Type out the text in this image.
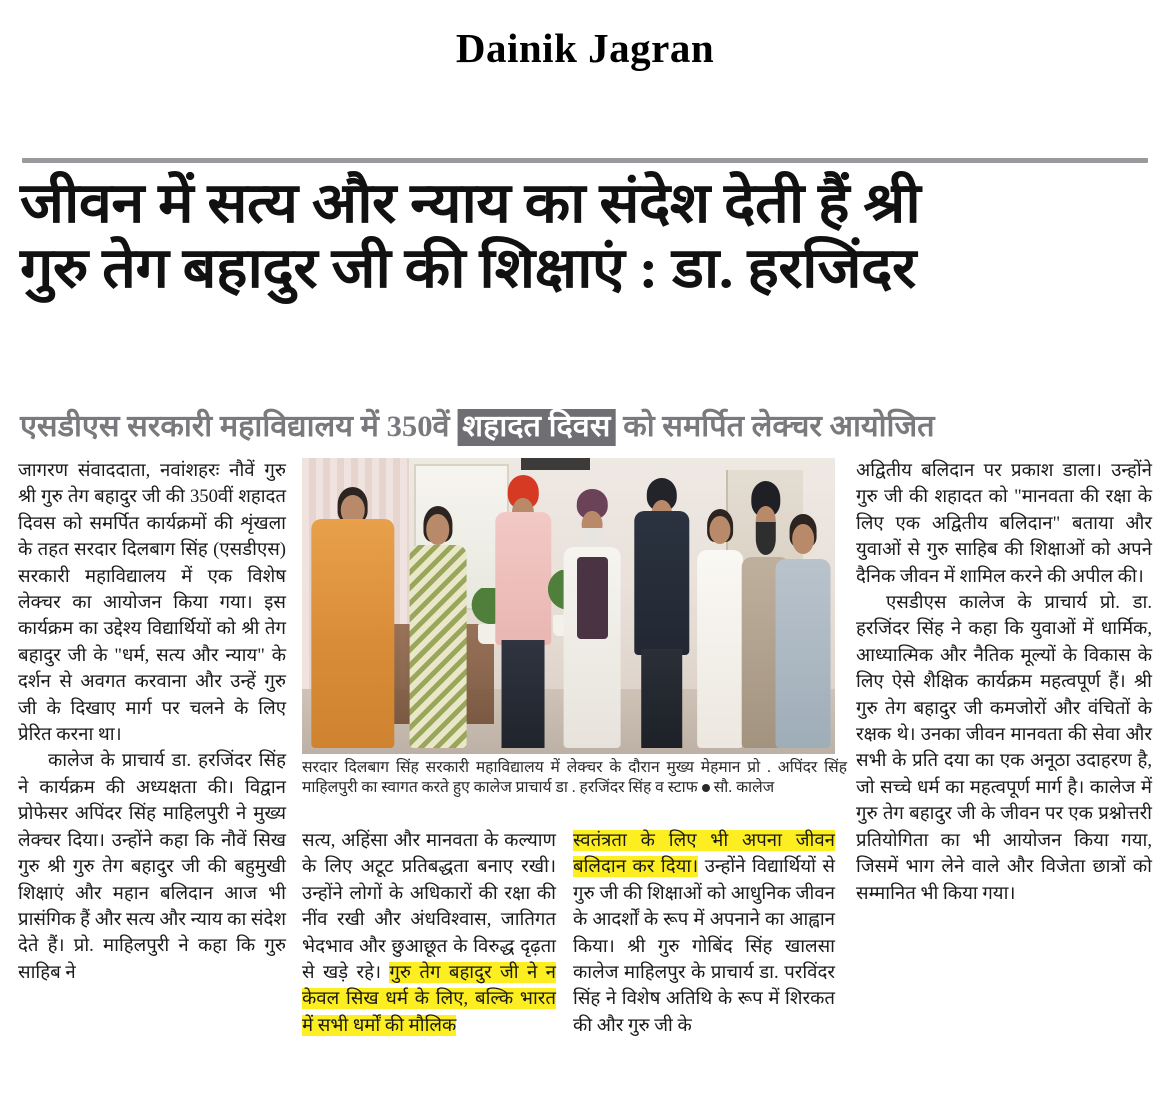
Dainik Jagran
जीवन में सत्य और न्याय का संदेश देती हैं श्री
गुरु तेग बहादुर जी की शिक्षाएं : डा. हरजिंदर
एसडीएस सरकारी महाविद्यालय में 350वें शहादत दिवस को समर्पित लेक्चर आयोजित

जागरण संवाददाता, नवांशहरः नौवें गुरु श्री गुरु तेग बहादुर जी की 350वीं शहादत दिवस को समर्पित कार्यक्रमों की शृंखला के तहत सरदार दिलबाग सिंह (एसडीएस) सरकारी महाविद्यालय में एक विशेष लेक्चर का आयोजन किया गया। इस कार्यक्रम का उद्देश्य विद्यार्थियों को श्री तेग बहादुर जी के "धर्म, सत्य और न्याय" के दर्शन से अवगत करवाना और उन्हें गुरु जी के दिखाए मार्ग पर चलने के लिए प्रेरित करना था।

कालेज के प्राचार्य डा. हरजिंदर सिंह ने कार्यक्रम की अध्यक्षता की। विद्वान प्रोफेसर अपिंदर सिंह माहिलपुरी ने मुख्य लेक्चर दिया। उन्होंने कहा कि नौवें सिख गुरु श्री गुरु तेग बहादुर जी की बहुमुखी शिक्षाएं और महान बलिदान आज भी प्रासंगिक हैं और सत्य और न्याय का संदेश देते हैं। प्रो. माहिलपुरी ने कहा कि गुरु साहिब ने

सरदार दिलबाग सिंह सरकारी महाविद्यालय में लेक्चर के दौरान मुख्य मेहमान प्रो . अपिंदर सिंह माहिलपुरी का स्वागत करते हुए कालेज प्राचार्य डा . हरजिंदर सिंह व स्टाफ सौ. कालेज

सत्य, अहिंसा और मानवता के कल्याण के लिए अटूट प्रतिबद्धता बनाए रखी। उन्होंने लोगों के अधिकारों की रक्षा की नींव रखी और अंधविश्वास, जातिगत भेदभाव और छुआछूत के विरुद्ध दृढ़ता से खड़े रहे। गुरु तेग बहादुर जी ने न केवल सिख धर्म के लिए, बल्कि भारत में सभी धर्मों की मौलिक

स्वतंत्रता के लिए भी अपना जीवन बलिदान कर दिया। उन्होंने विद्यार्थियों से गुरु जी की शिक्षाओं को आधुनिक जीवन के आदर्शों के रूप में अपनाने का आह्वान किया। श्री गुरु गोबिंद सिंह खालसा कालेज माहिलपुर के प्राचार्य डा. परविंदर सिंह ने विशेष अतिथि के रूप में शिरकत की और गुरु जी के

अद्वितीय बलिदान पर प्रकाश डाला। उन्होंने गुरु जी की शहादत को "मानवता की रक्षा के लिए एक अद्वितीय बलिदान" बताया और युवाओं से गुरु साहिब की शिक्षाओं को अपने दैनिक जीवन में शामिल करने की अपील की।

एसडीएस कालेज के प्राचार्य प्रो. डा. हरजिंदर सिंह ने कहा कि युवाओं में धार्मिक, आध्यात्मिक और नैतिक मूल्यों के विकास के लिए ऐसे शैक्षिक कार्यक्रम महत्वपूर्ण हैं। श्री गुरु तेग बहादुर जी कमजोरों और वंचितों के रक्षक थे। उनका जीवन मानवता की सेवा और सभी के प्रति दया का एक अनूठा उदाहरण है, जो सच्चे धर्म का महत्वपूर्ण मार्ग है। कालेज में गुरु तेग बहादुर जी के जीवन पर एक प्रश्नोत्तरी प्रतियोगिता का भी आयोजन किया गया, जिसमें भाग लेने वाले और विजेता छात्रों को सम्मानित भी किया गया।
